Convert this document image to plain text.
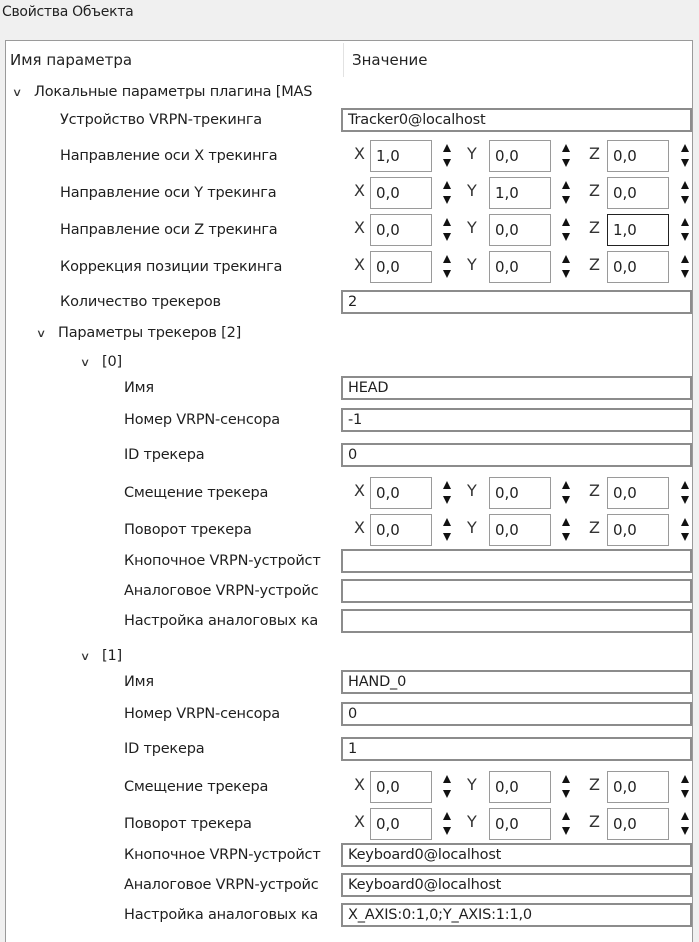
Свойства Объекта
Имя параметра	Значение
∨ Локальные параметры плагина [MAS
Устройство VRPN-трекинга	Tracker0@localhost
Направление оси X трекинга	X 1,0	Y	0,0	Z 0,0
Направление оси Y трекинга	X 0,0	Y	1,0	Z 0,0
Направление оси Z трекинга	X 0,0	Y	0,0	Z 1,0
Коррекция позиции трекинга	X 0,0	Y	0,0	Z 0,0
Количество трекеров	2
∨ Параметры трекеров [2]
∨ [0]
Имя	HEAD
Номер VRPN-сенсора	-1
ID трекера	0
Смещение трекера	X 0,0	Y	0,0	Z 0,0
Поворот трекера	X 0,0	Y	0,0	Z 0,0
Кнопочное VRPN-устройст
Аналоговое VRPN-устройс
Настройка аналоговых ка
∨ [1]
Имя	HAND_0
Номер VRPN-сенсора	0
ID трекера	1
Смещение трекера	X 0,0	Y	0,0	Z 0,0
Поворот трекера	X 0,0	Y	0,0	Z 0,0
Кнопочное VRPN-устройст	Keyboard0@localhost
Аналоговое VRPN-устройс	Keyboard0@localhost
Настройка аналоговых ка	X_AXIS:0:1,0;Y_AXIS:1:1,0
